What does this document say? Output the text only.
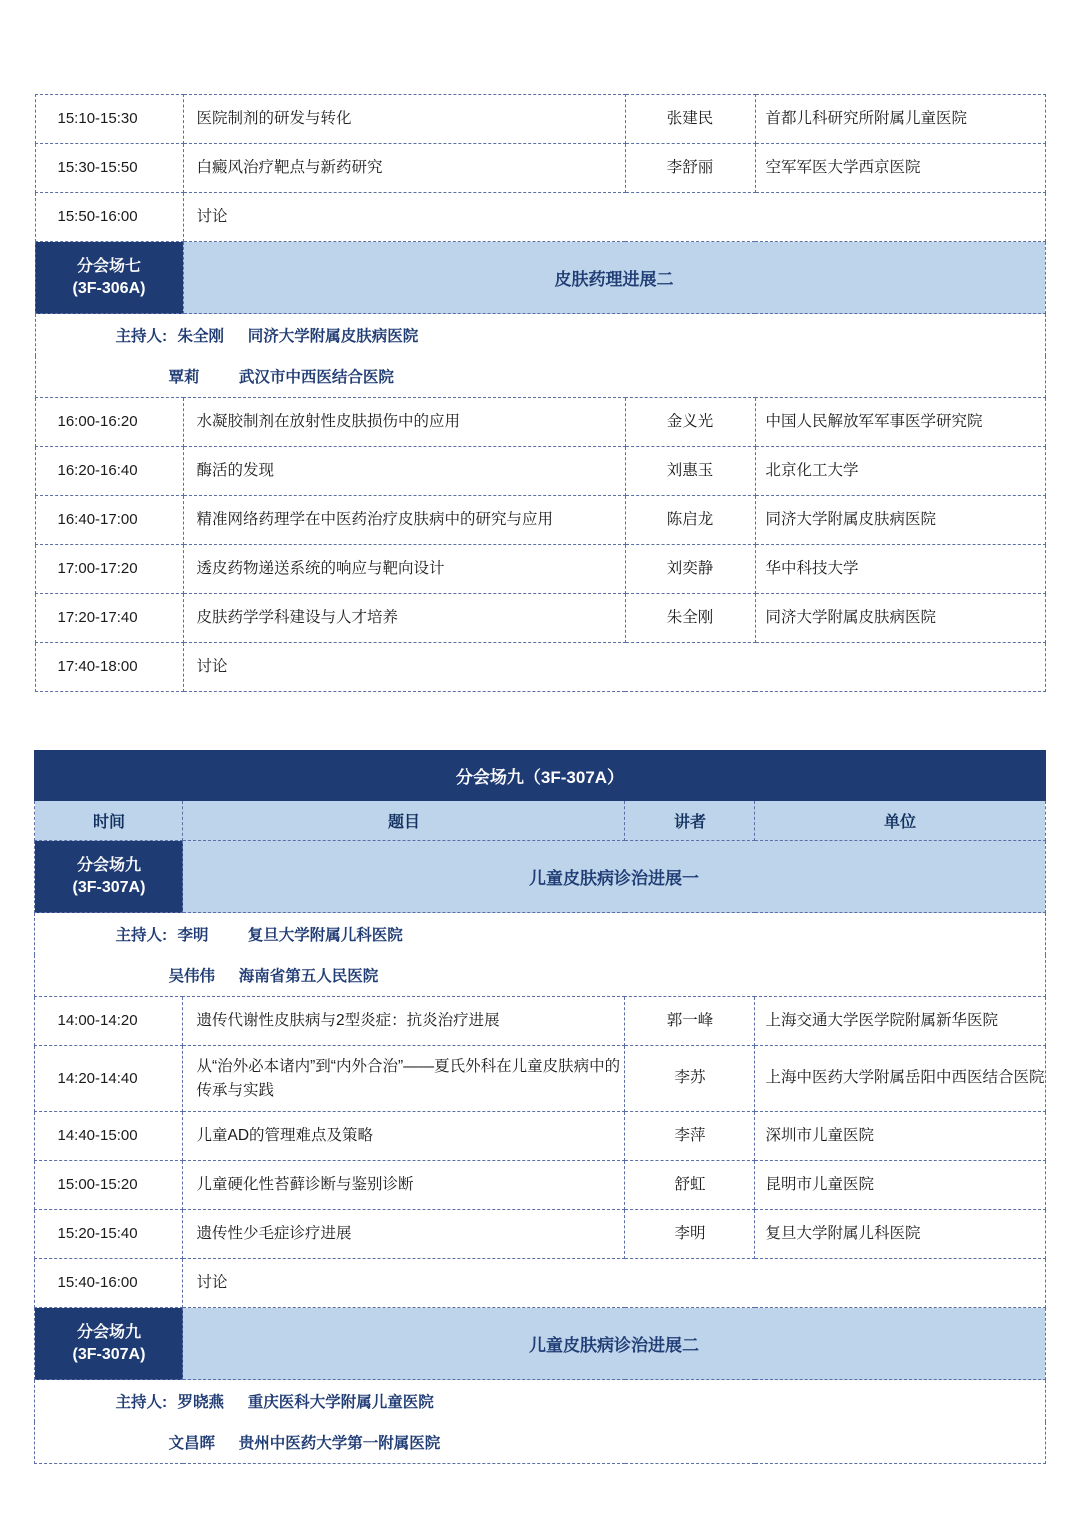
15:10-15:30	医院制剂的研发与转化	张建民	首都儿科研究所附属儿童医院
15:30-15:50	白癜风治疗靶点与新药研究	李舒丽	空军军医大学西京医院
15:50-16:00	讨论		

分会场七
(3F-306A)	皮肤药理进展二		

主持人: 朱全刚 同济大学附属皮肤病医院			

覃莉 武汉市中西医结合医院			

16:00-16:20	水凝胶制剂在放射性皮肤损伤中的应用	金义光	中国人民解放军军事医学研究院
16:20-16:40	酶活的发现	刘惠玉	北京化工大学
16:40-17:00	精准网络药理学在中医药治疗皮肤病中的研究与应用	陈启龙	同济大学附属皮肤病医院
17:00-17:20	透皮药物递送系统的响应与靶向设计	刘奕静	华中科技大学
17:20-17:40	皮肤药学学科建设与人才培养	朱全刚	同济大学附属皮肤病医院
17:40-18:00	讨论		
分会场九（3F-307A）			
时间	题目	讲者	单位

分会场九
(3F-307A)	儿童皮肤病诊治进展一		

主持人: 李明 复旦大学附属儿科医院			

吴伟伟 海南省第五人民医院			

14:00-14:20	遗传代谢性皮肤病与2型炎症：抗炎治疗进展	郭一峰	上海交通大学医学院附属新华医院
14:20-14:40	从“治外必本诸内”到“内外合治”——夏氏外科在儿童皮肤病中的传承与实践	李苏	上海中医药大学附属岳阳中西医结合医院
14:40-15:00	儿童AD的管理难点及策略	李萍	深圳市儿童医院
15:00-15:20	儿童硬化性苔藓诊断与鉴别诊断	舒虹	昆明市儿童医院
15:20-15:40	遗传性少毛症诊疗进展	李明	复旦大学附属儿科医院
15:40-16:00	讨论		

分会场九
(3F-307A)	儿童皮肤病诊治进展二		

主持人: 罗晓燕 重庆医科大学附属儿童医院			

文昌晖 贵州中医药大学第一附属医院			
